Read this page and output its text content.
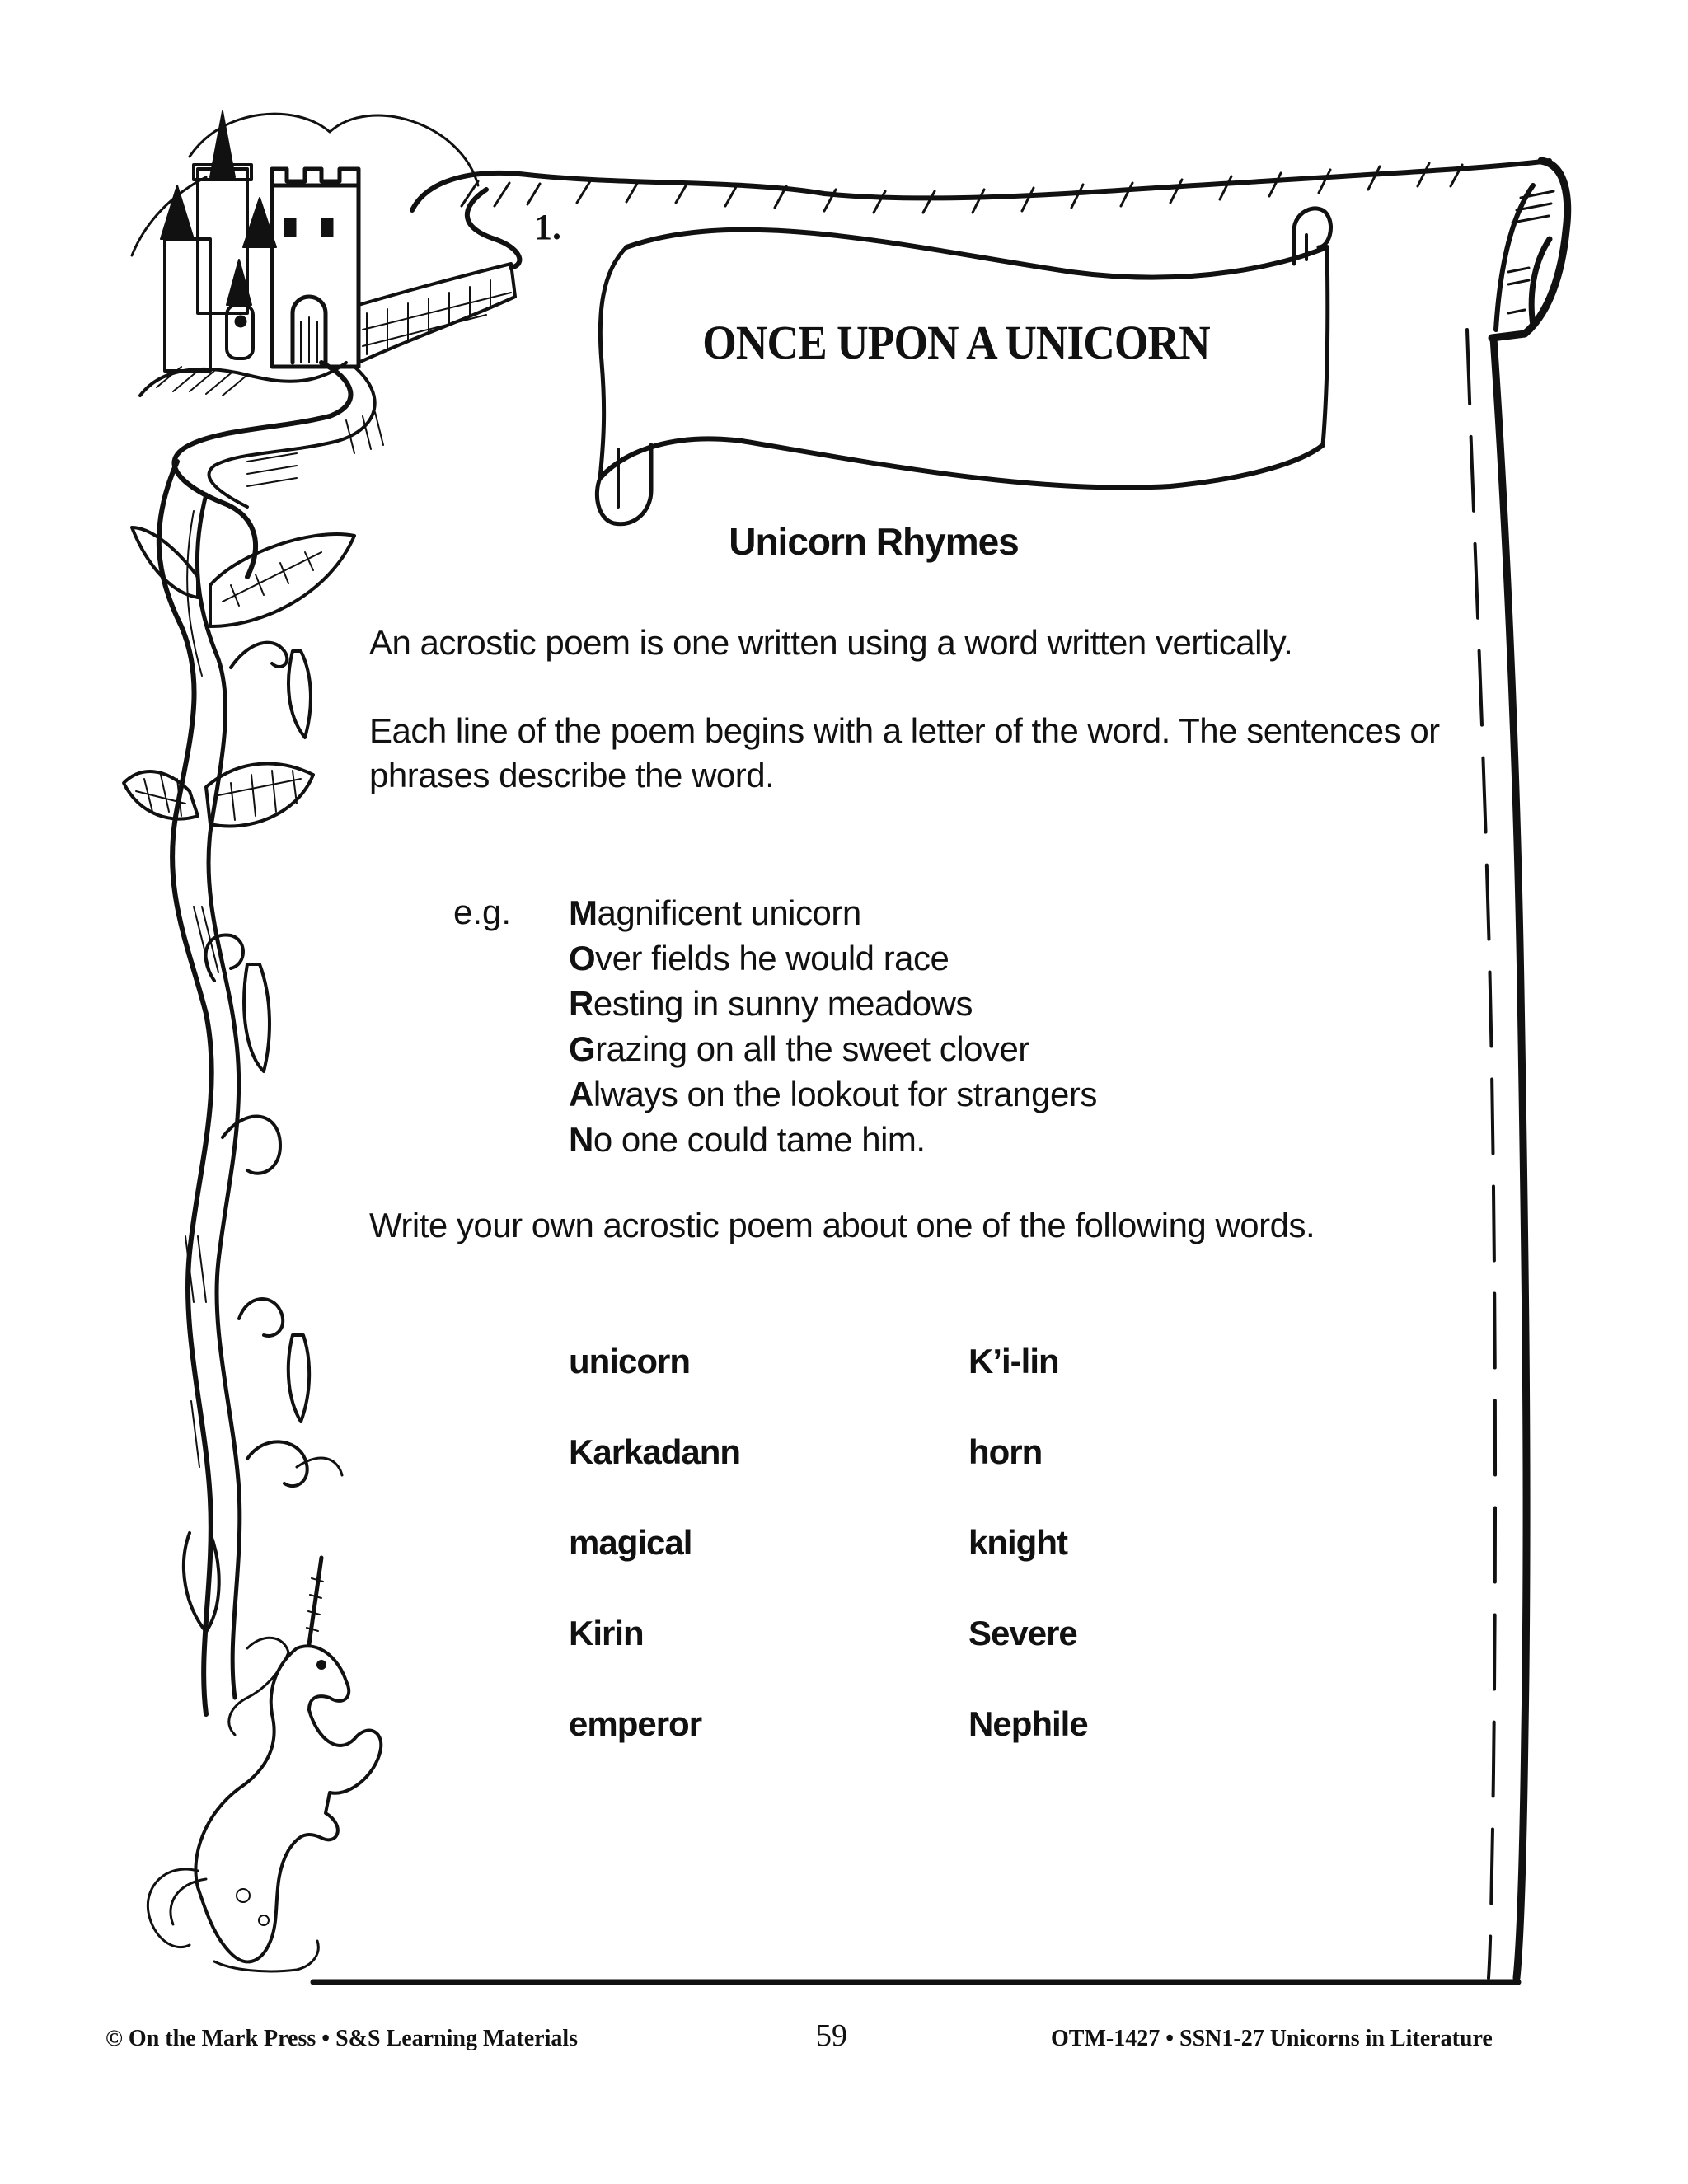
1.
ONCE UPON A UNICORN
Unicorn Rhymes
An acrostic poem is one written using a word written vertically.
Each line of the poem begins with a letter of the word. The sentences or phrases describe the word.
e.g. Magnificent unicorn
Over fields he would race
Resting in sunny meadows
Grazing on all the sweet clover
Always on the lookout for strangers
No one could tame him.
Write your own acrostic poem about one of the following words.
unicorn	K’i-lin
Karkadann	horn
magical	knight
Kirin	Severe
emperor	Nephile
© On the Mark Press • S&S Learning Materials	59	OTM-1427 • SSN1-27 Unicorns in Literature
